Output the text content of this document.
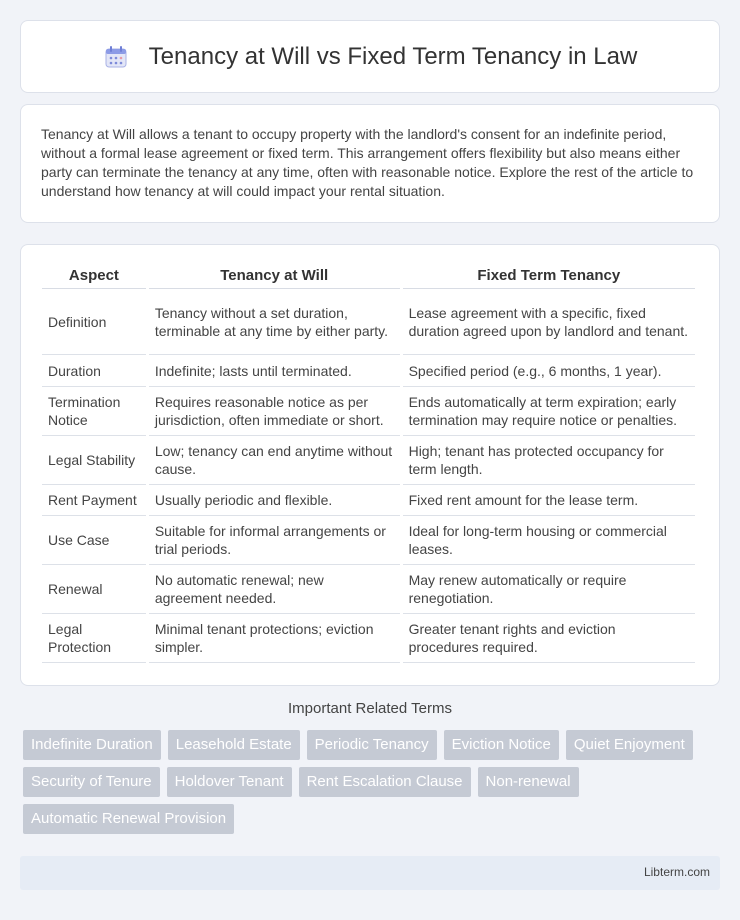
Tenancy at Will vs Fixed Term Tenancy in Law

Tenancy at Will allows a tenant to occupy property with the landlord's consent for an indefinite period, without a formal lease agreement or fixed term. This arrangement offers flexibility but also means either party can terminate the tenancy at any time, often with reasonable notice. Explore the rest of the article to understand how tenancy at will could impact your rental situation.

Aspect	Tenancy at Will	Fixed Term Tenancy
Definition	Tenancy without a set duration, terminable at any time by either party.	Lease agreement with a specific, fixed duration agreed upon by landlord and tenant.
Duration	Indefinite; lasts until terminated.	Specified period (e.g., 6 months, 1 year).
Termination Notice	Requires reasonable notice as per jurisdiction, often immediate or short.	Ends automatically at term expiration; early termination may require notice or penalties.
Legal Stability	Low; tenancy can end anytime without cause.	High; tenant has protected occupancy for term length.
Rent Payment	Usually periodic and flexible.	Fixed rent amount for the lease term.
Use Case	Suitable for informal arrangements or trial periods.	Ideal for long-term housing or commercial leases.
Renewal	No automatic renewal; new agreement needed.	May renew automatically or require renegotiation.
Legal Protection	Minimal tenant protections; eviction simpler.	Greater tenant rights and eviction procedures required.
Important Related Terms
Indefinite Duration	Leasehold Estate	Periodic Tenancy	Eviction Notice	Quiet Enjoyment
Security of Tenure	Holdover Tenant	Rent Escalation Clause	Non-renewal
Automatic Renewal Provision
Libterm.com
